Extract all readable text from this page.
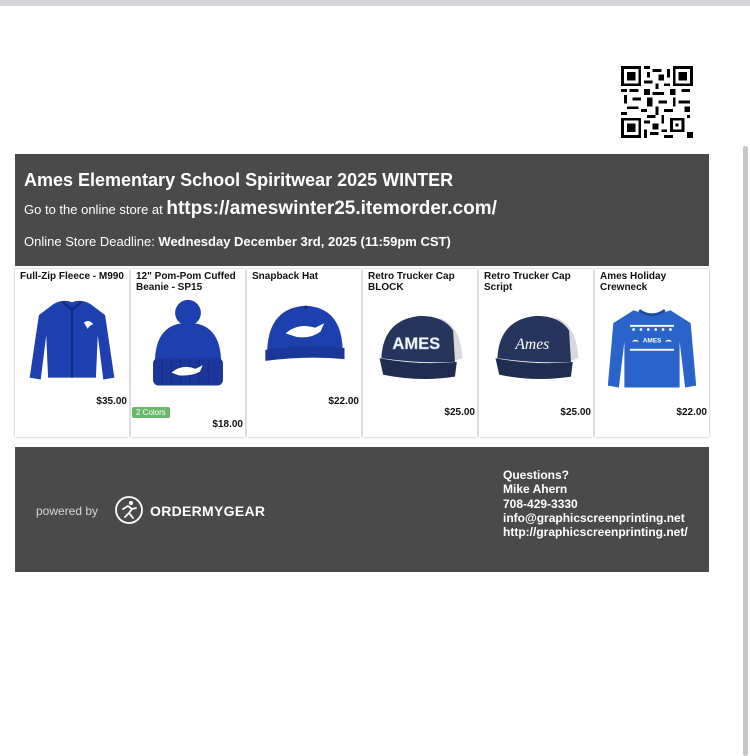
Ames Elementary School Spiritwear 2025 WINTER
Go to the online store at https://ameswinter25.itemorder.com/
Online Store Deadline: Wednesday December 3rd, 2025 (11:59pm CST)
Full-Zip Fleece - M990
$35.00
12" Pom-Pom Cuffed Beanie - SP15
2 Colors
$18.00
Snapback Hat
$22.00
Retro Trucker Cap BLOCK
AMES
$25.00
Retro Trucker Cap Script
Ames
$25.00
Ames Holiday Crewneck
AMES
$22.00
powered by	ORDERMYGEAR
Questions?
Mike Ahern
708-429-3330
info@graphicscreenprinting.net
http://graphicscreenprinting.net/
